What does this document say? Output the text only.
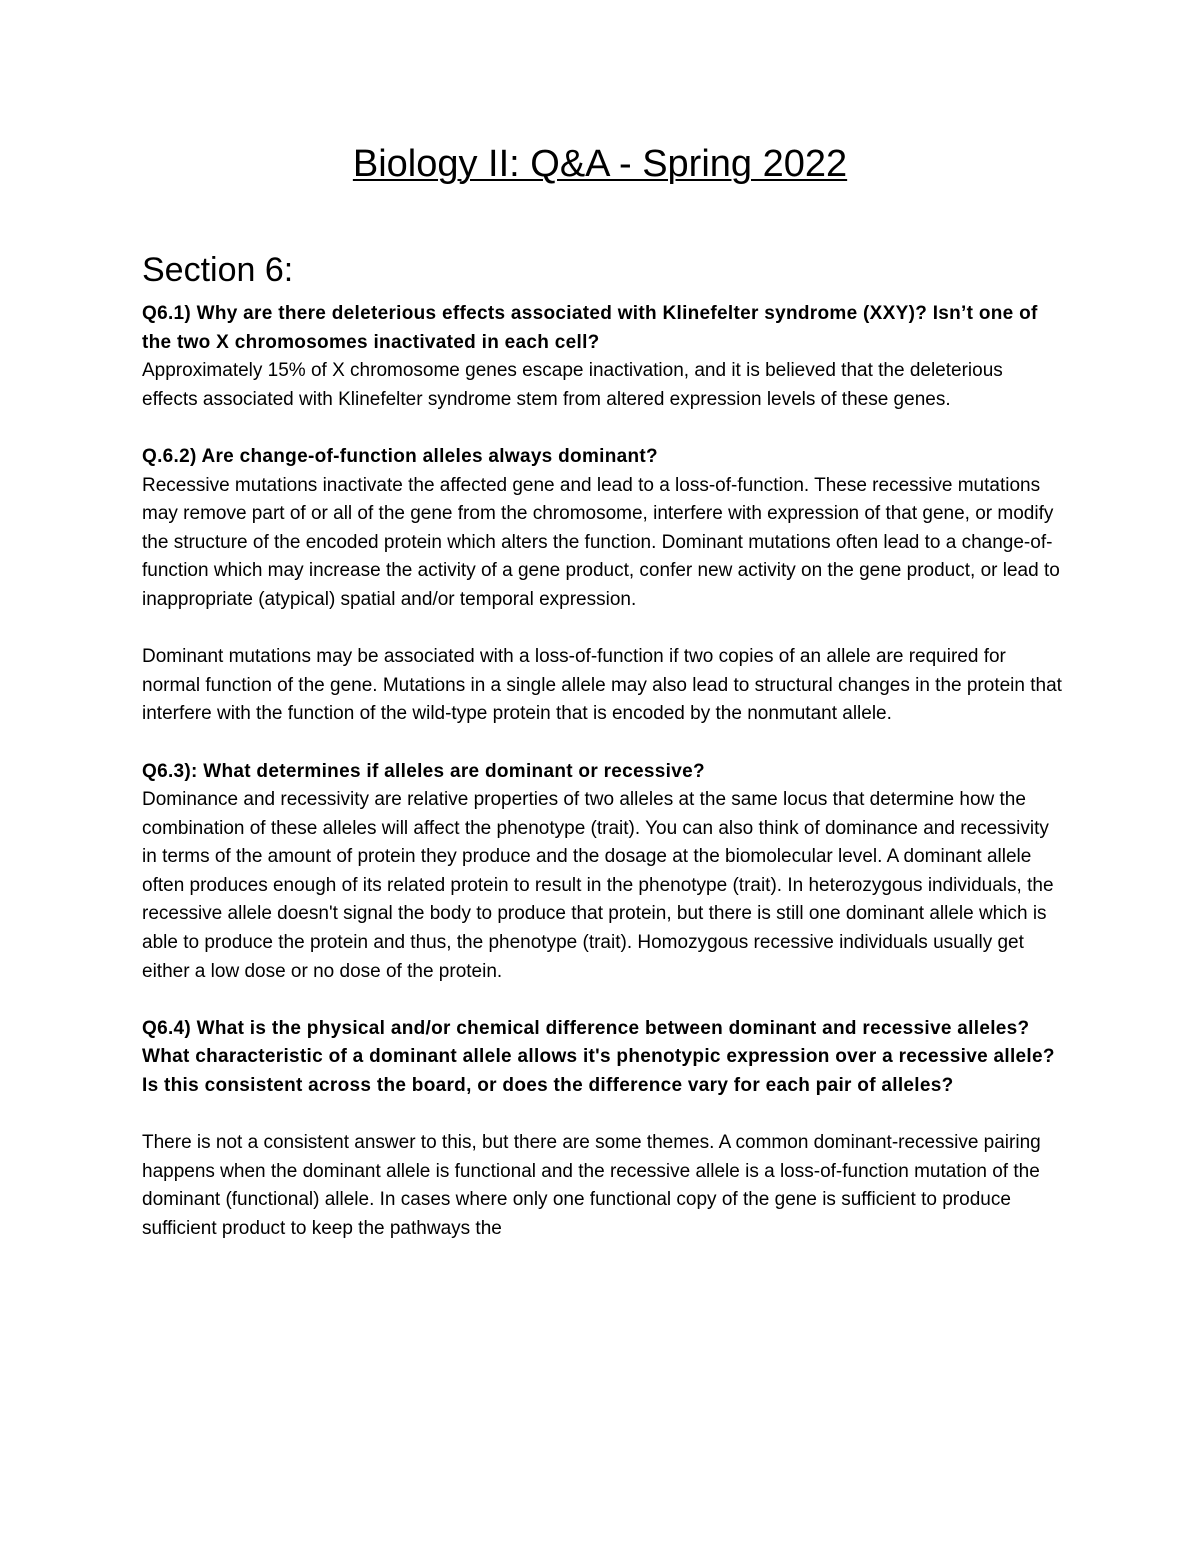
Biology II: Q&A - Spring 2022
Section 6:

Q6.1) Why are there deleterious effects associated with Klinefelter syndrome (XXY)? Isn’t one of the two X chromosomes inactivated in each cell?

Approximately 15% of X chromosome genes escape inactivation, and it is believed that the deleterious effects associated with Klinefelter syndrome stem from altered expression levels of these genes.

Q.6.2) Are change-of-function alleles always dominant?

Recessive mutations inactivate the affected gene and lead to a loss-of-function. These recessive mutations may remove part of or all of the gene from the chromosome, interfere with expression of that gene, or modify the structure of the encoded protein which alters the function. Dominant mutations often lead to a change-of-function which may increase the activity of a gene product, confer new activity on the gene product, or lead to inappropriate (atypical) spatial and/or temporal expression.

Dominant mutations may be associated with a loss-of-function if two copies of an allele are required for normal function of the gene. Mutations in a single allele may also lead to structural changes in the protein that interfere with the function of the wild-type protein that is encoded by the nonmutant allele.

Q6.3): What determines if alleles are dominant or recessive?

Dominance and recessivity are relative properties of two alleles at the same locus that determine how the combination of these alleles will affect the phenotype (trait). You can also think of dominance and recessivity in terms of the amount of protein they produce and the dosage at the biomolecular level. A dominant allele often produces enough of its related protein to result in the phenotype (trait). In heterozygous individuals, the recessive allele doesn't signal the body to produce that protein, but there is still one dominant allele which is able to produce the protein and thus, the phenotype (trait). Homozygous recessive individuals usually get either a low dose or no dose of the protein.

Q6.4) What is the physical and/or chemical difference between dominant and recessive alleles? What characteristic of a dominant allele allows it's phenotypic expression over a recessive allele? Is this consistent across the board, or does the difference vary for each pair of alleles?

There is not a consistent answer to this, but there are some themes. A common dominant-recessive pairing happens when the dominant allele is functional and the recessive allele is a loss-of-function mutation of the dominant (functional) allele. In cases where only one functional copy of the gene is sufficient to produce sufficient product to keep the pathways the
